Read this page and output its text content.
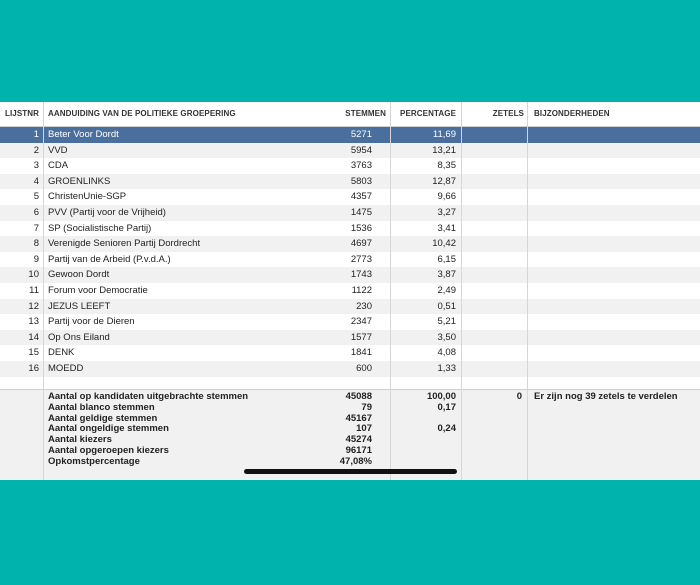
LIJSTNR AANDUIDING VAN DE POLITIEKE GROEPERING	STEMMEN	PERCENTAGE	ZETELS BIJZONDERHEDEN
1 Beter Voor Dordt	5271	11,69
2 VVD	5954	13,21
3 CDA	3763	8,35
4 GROENLINKS	5803	12,87
5 ChristenUnie-SGP	4357	9,66
6 PVV (Partij voor de Vrijheid)	1475	3,27
7 SP (Socialistische Partij)	1536	3,41
8 Verenigde Senioren Partij Dordrecht	4697	10,42
9 Partij van de Arbeid (P.v.d.A.)	2773	6,15
10 Gewoon Dordt	1743	3,87
11 Forum voor Democratie	1122	2,49
12 JEZUS LEEFT	230	0,51
13 Partij voor de Dieren	2347	5,21
14 Op Ons Eiland	1577	3,50
15 DENK	1841	4,08
16 MOEDD	600	1,33
Aantal op kandidaten uitgebrachte stemmen	45088	100,00	0 Er zijn nog 39 zetels te verdelen
Aantal blanco stemmen	79	0,17
Aantal geldige stemmen	45167
Aantal ongeldige stemmen	107	0,24
Aantal kiezers	45274
Aantal opgeroepen kiezers	96171
Opkomstpercentage	47,08%
